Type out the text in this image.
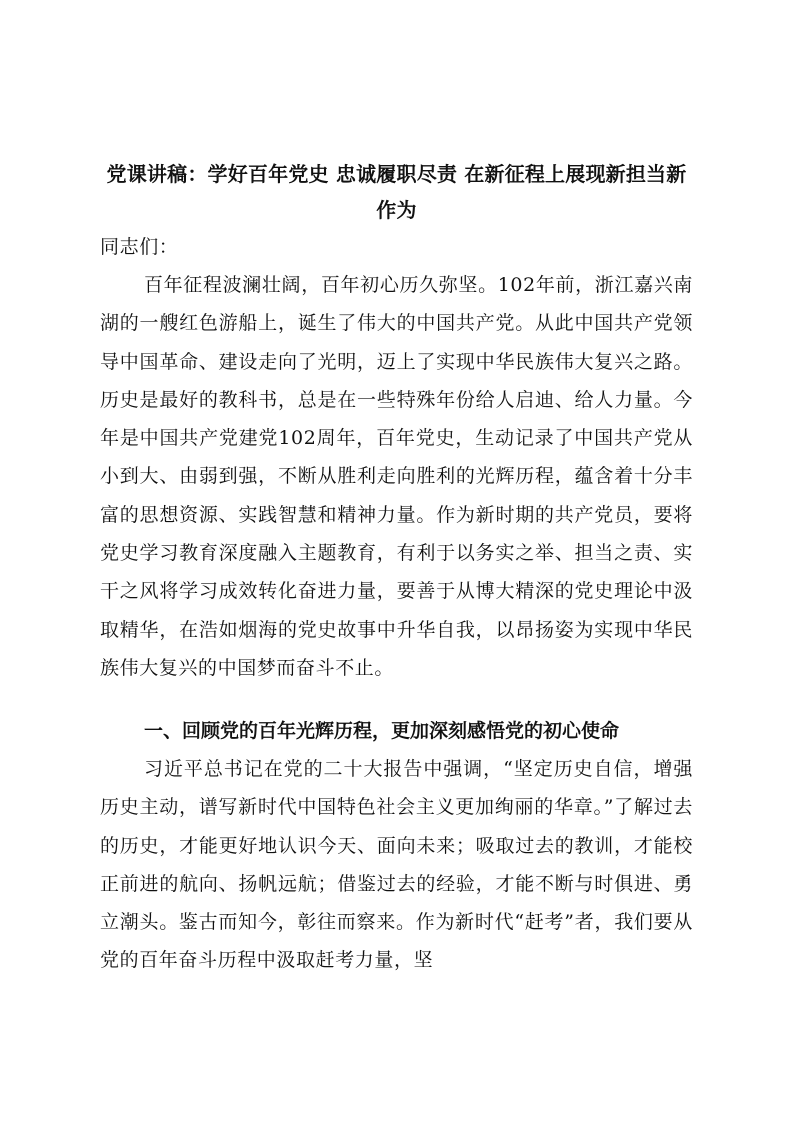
党课讲稿：学好百年党史 忠诚履职尽责 在新征程上展现新担当新作为
同志们：
百年征程波澜壮阔，百年初心历久弥坚。102年前，浙江嘉兴南湖的一艘红色游船上，诞生了伟大的中国共产党。从此中国共产党领导中国革命、建设走向了光明，迈上了实现中华民族伟大复兴之路。历史是最好的教科书，总是在一些特殊年份给人启迪、给人力量。今年是中国共产党建党102周年，百年党史，生动记录了中国共产党从小到大、由弱到强，不断从胜利走向胜利的光辉历程，蕴含着十分丰富的思想资源、实践智慧和精神力量。作为新时期的共产党员，要将党史学习教育深度融入主题教育，有利于以务实之举、担当之责、实干之风将学习成效转化奋进力量，要善于从博大精深的党史理论中汲取精华，在浩如烟海的党史故事中升华自我，以昂扬姿为实现中华民族伟大复兴的中国梦而奋斗不止。
一、回顾党的百年光辉历程，更加深刻感悟党的初心使命
习近平总书记在党的二十大报告中强调，“坚定历史自信，增强历史主动，谱写新时代中国特色社会主义更加绚丽的华章。”了解过去的历史，才能更好地认识今天、面向未来；吸取过去的教训，才能校正前进的航向、扬帆远航；借鉴过去的经验，才能不断与时俱进、勇立潮头。鉴古而知今，彰往而察来。作为新时代“赶考”者，我们要从党的百年奋斗历程中汲取赶考力量，坚
